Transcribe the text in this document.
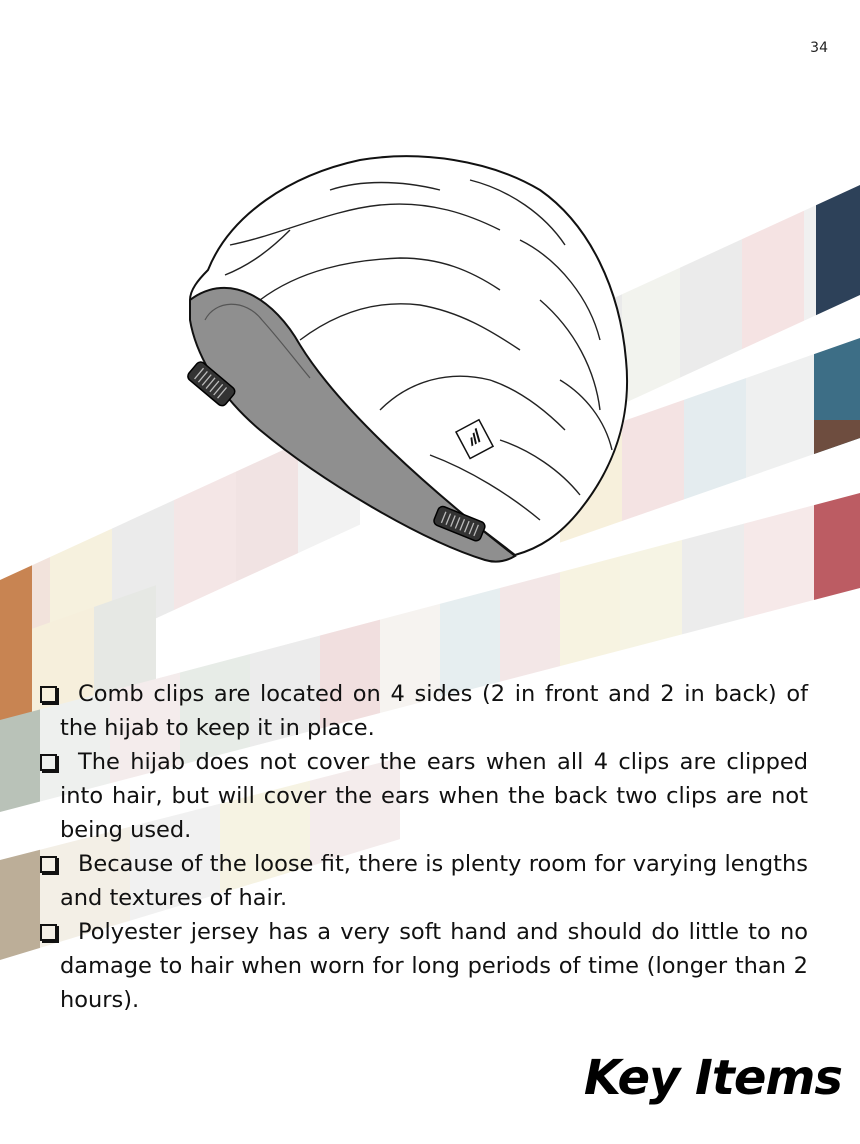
34
Comb clips are located on 4 sides (2 in front and 2 in back) of the hijab to keep it in place.
The hijab does not cover the ears when all 4 clips are clipped into hair, but will cover the ears when the back two clips are not being used.
Because of the loose fit, there is plenty room for varying lengths and textures of hair.
Polyester jersey has a very soft hand and should do little to no damage to hair when worn for long periods of time (longer than 2 hours).
Key Items
